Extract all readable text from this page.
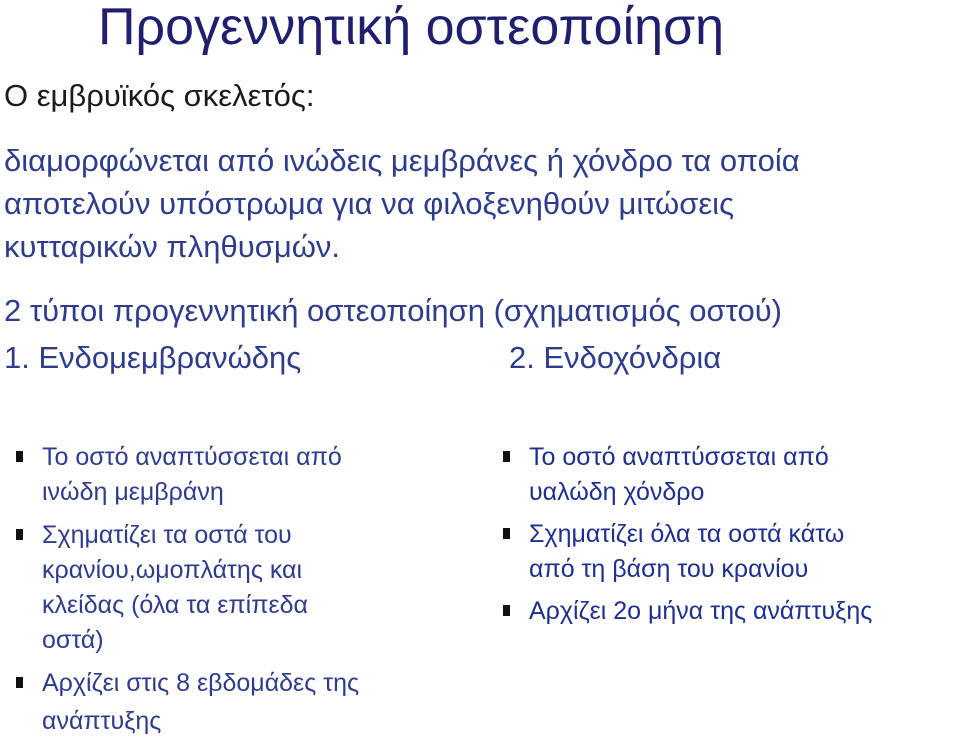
Προγεννητική οστεοποίηση
Ο εμβρυϊκός σκελετός:
διαμορφώνεται από ινώδεις μεμβράνες ή χόνδρο τα οποία
αποτελούν υπόστρωμα για να φιλοξενηθούν μιτώσεις
κυτταρικών πληθυσμών.
2 τύποι προγεννητική οστεοποίηση (σχηματισμός οστού)
1. Ενδομεμβρανώδης	2. Ενδοχόνδρια
Το οστό αναπτύσσεται από
ινώδη μεμβράνη
Σχηματίζει τα οστά του
κρανίου,ωμοπλάτης και
κλείδας (όλα τα επίπεδα
οστά)
Αρχίζει στις 8 εβδομάδες της
ανάπτυξης
Το οστό αναπτύσσεται από
υαλώδη χόνδρο
Σχηματίζει όλα τα οστά κάτω
από τη βάση του κρανίου
Αρχίζει 2ο μήνα της ανάπτυξης
